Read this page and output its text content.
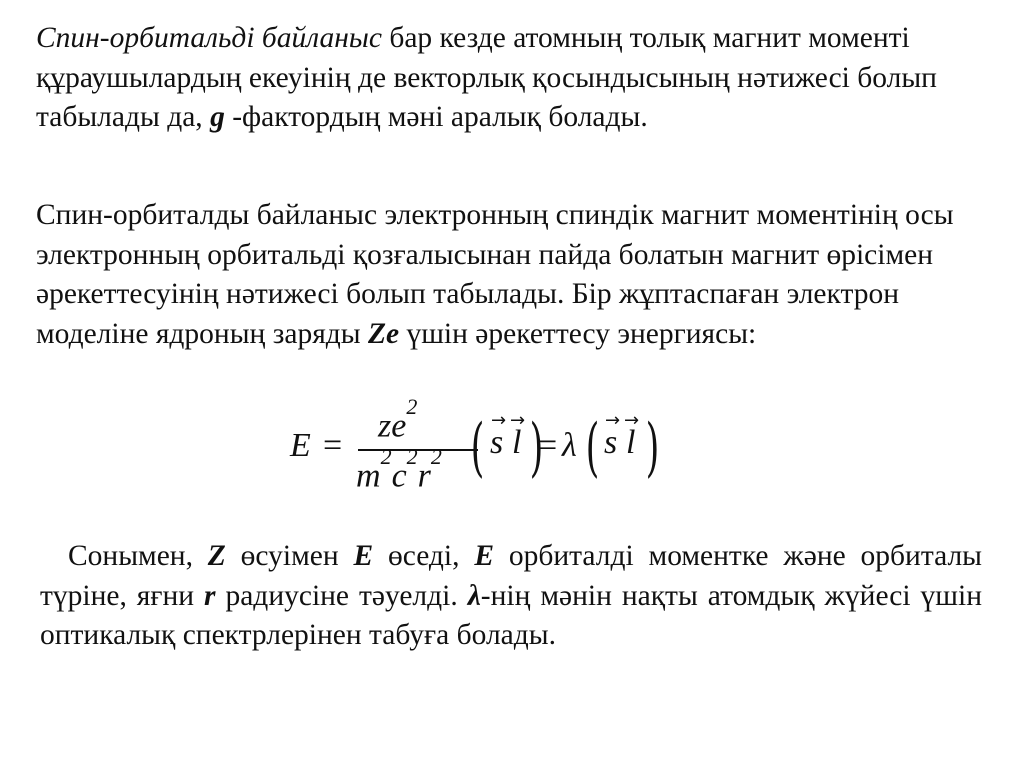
Спин-орбитальді байланыс бар кезде атомның толық магнит моменті құраушылардың екеуінің де векторлық қосындысының нәтижесі болып табылады да, g -фактордың мәні аралық болады.

Спин-орбиталды байланыс электронның спиндік магнит моментінің осы электронның орбитальді қозғалысынан пайда болатын магнит өрісімен әрекеттесуінің нәтижесі болып табылады. Бір жұптаспаған электрон моделіне ядроның заряды Ze үшін әрекеттесу энергиясы:

E =
$ze^2$
$m^2c^2r^2$ ( →
s
→
l )
= λ ( →
s
→
l )

Сонымен, Z өсуімен E өседі, E орбиталді моментке және орбиталы түріне, яғни r радиусіне тәуелді. λ-нің мәнін нақты атомдық жүйесі үшін оптикалық спектрлерінен табуға болады.
